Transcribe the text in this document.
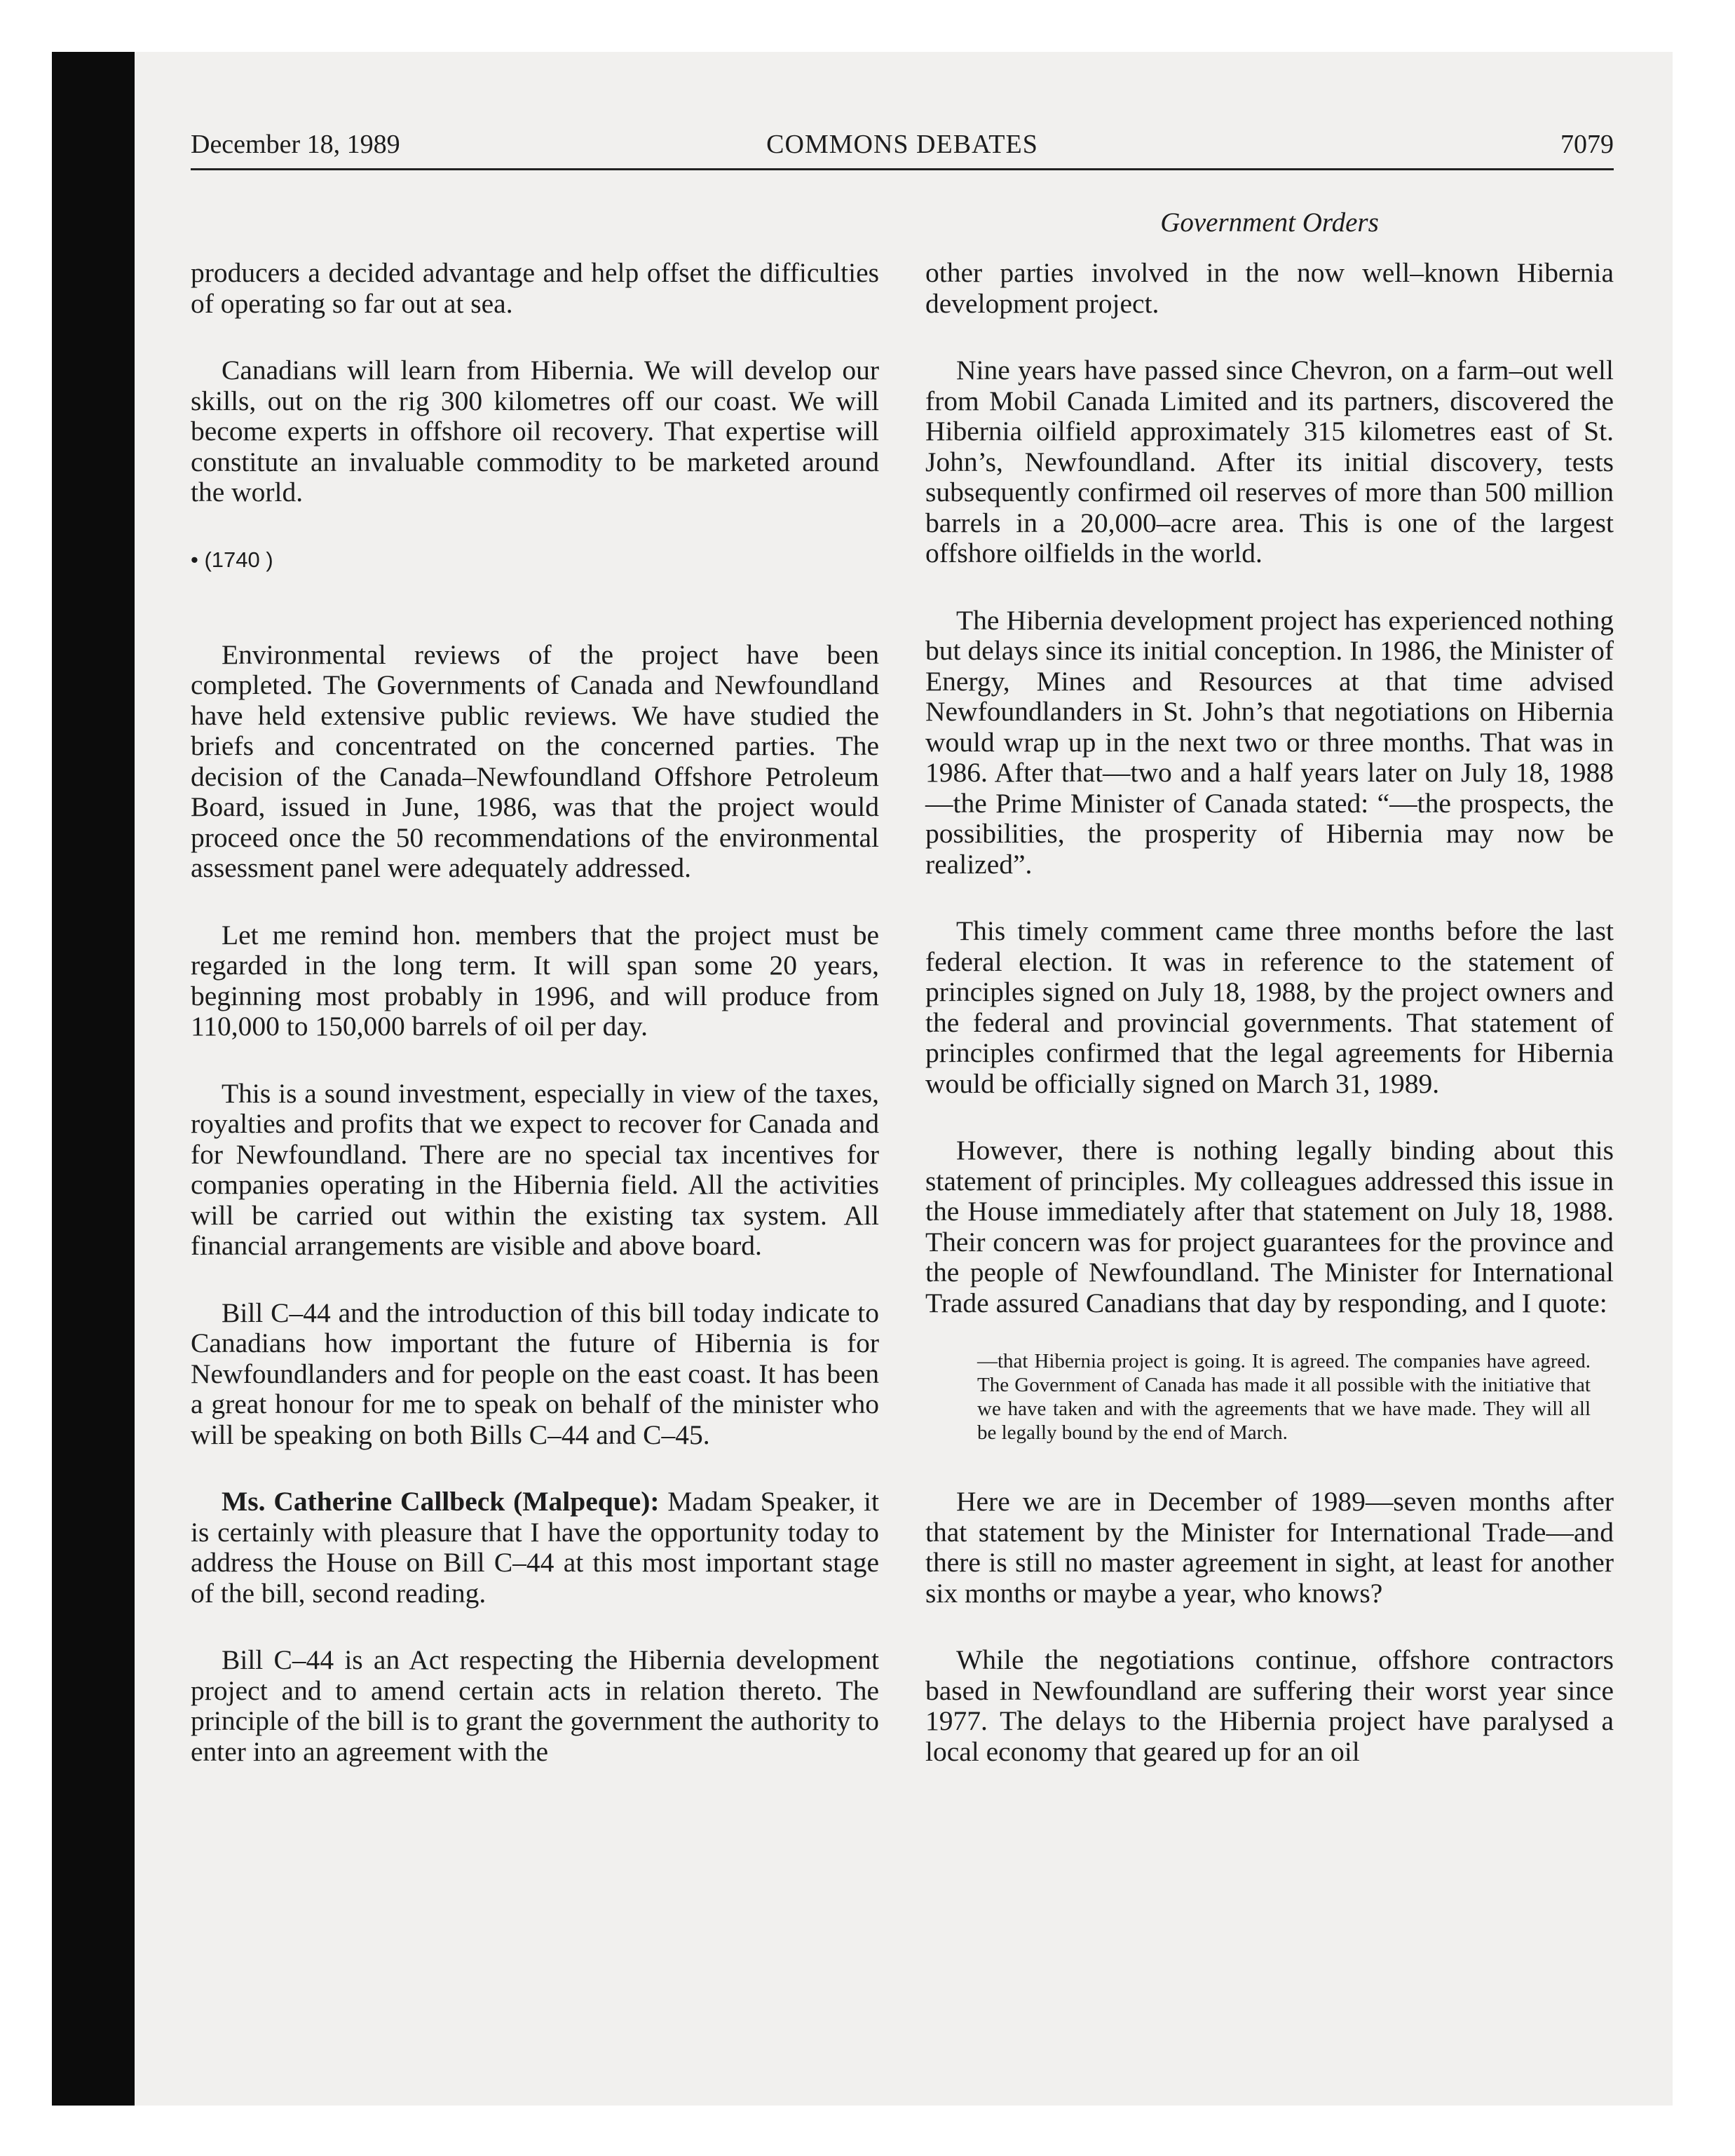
December 18, 1989	COMMONS DEBATES	7079
Government Orders

producers a decided advantage and help offset the difficulties of operating so far out at sea.

Canadians will learn from Hibernia. We will develop our skills, out on the rig 300 kilometres off our coast. We will become experts in offshore oil recovery. That expertise will constitute an invaluable commodity to be marketed around the world.

• (1740 )

Environmental reviews of the project have been completed. The Governments of Canada and Newfoundland have held extensive public reviews. We have studied the briefs and concentrated on the concerned parties. The decision of the Canada–Newfoundland Offshore Petroleum Board, issued in June, 1986, was that the project would proceed once the 50 recommendations of the environmental assessment panel were adequately addressed.

Let me remind hon. members that the project must be regarded in the long term. It will span some 20 years, beginning most probably in 1996, and will produce from 110,000 to 150,000 barrels of oil per day.

This is a sound investment, especially in view of the taxes, royalties and profits that we expect to recover for Canada and for Newfoundland. There are no special tax incentives for companies operating in the Hibernia field. All the activities will be carried out within the existing tax system. All financial arrangements are visible and above board.

Bill C–44 and the introduction of this bill today indicate to Canadians how important the future of Hibernia is for Newfoundlanders and for people on the east coast. It has been a great honour for me to speak on behalf of the minister who will be speaking on both Bills C–44 and C–45.

Ms. Catherine Callbeck (Malpeque): Madam Speaker, it is certainly with pleasure that I have the opportunity today to address the House on Bill C–44 at this most important stage of the bill, second reading.

Bill C–44 is an Act respecting the Hibernia development project and to amend certain acts in relation thereto. The principle of the bill is to grant the government the authority to enter into an agreement with the

other parties involved in the now well–known Hibernia development project.

Nine years have passed since Chevron, on a farm–out well from Mobil Canada Limited and its partners, discovered the Hibernia oilfield approximately 315 kilometres east of St. John’s, Newfoundland. After its initial discovery, tests subsequently confirmed oil reserves of more than 500 million barrels in a 20,000–acre area. This is one of the largest offshore oilfields in the world.

The Hibernia development project has experienced nothing but delays since its initial conception. In 1986, the Minister of Energy, Mines and Resources at that time advised Newfoundlanders in St. John’s that negotiations on Hibernia would wrap up in the next two or three months. That was in 1986. After that—two and a half years later on July 18, 1988—the Prime Minister of Canada stated: “—the prospects, the possibilities, the prosperity of Hibernia may now be realized”.

This timely comment came three months before the last federal election. It was in reference to the statement of principles signed on July 18, 1988, by the project owners and the federal and provincial governments. That statement of principles confirmed that the legal agreements for Hibernia would be officially signed on March 31, 1989.

However, there is nothing legally binding about this statement of principles. My colleagues addressed this issue in the House immediately after that statement on July 18, 1988. Their concern was for project guarantees for the province and the people of Newfoundland. The Minister for International Trade assured Canadians that day by responding, and I quote:

—that Hibernia project is going. It is agreed. The companies have agreed. The Government of Canada has made it all possible with the initiative that we have taken and with the agreements that we have made. They will all be legally bound by the end of March.

Here we are in December of 1989—seven months after that statement by the Minister for International Trade—and there is still no master agreement in sight, at least for another six months or maybe a year, who knows?

While the negotiations continue, offshore contractors based in Newfoundland are suffering their worst year since 1977. The delays to the Hibernia project have paralysed a local economy that geared up for an oil
